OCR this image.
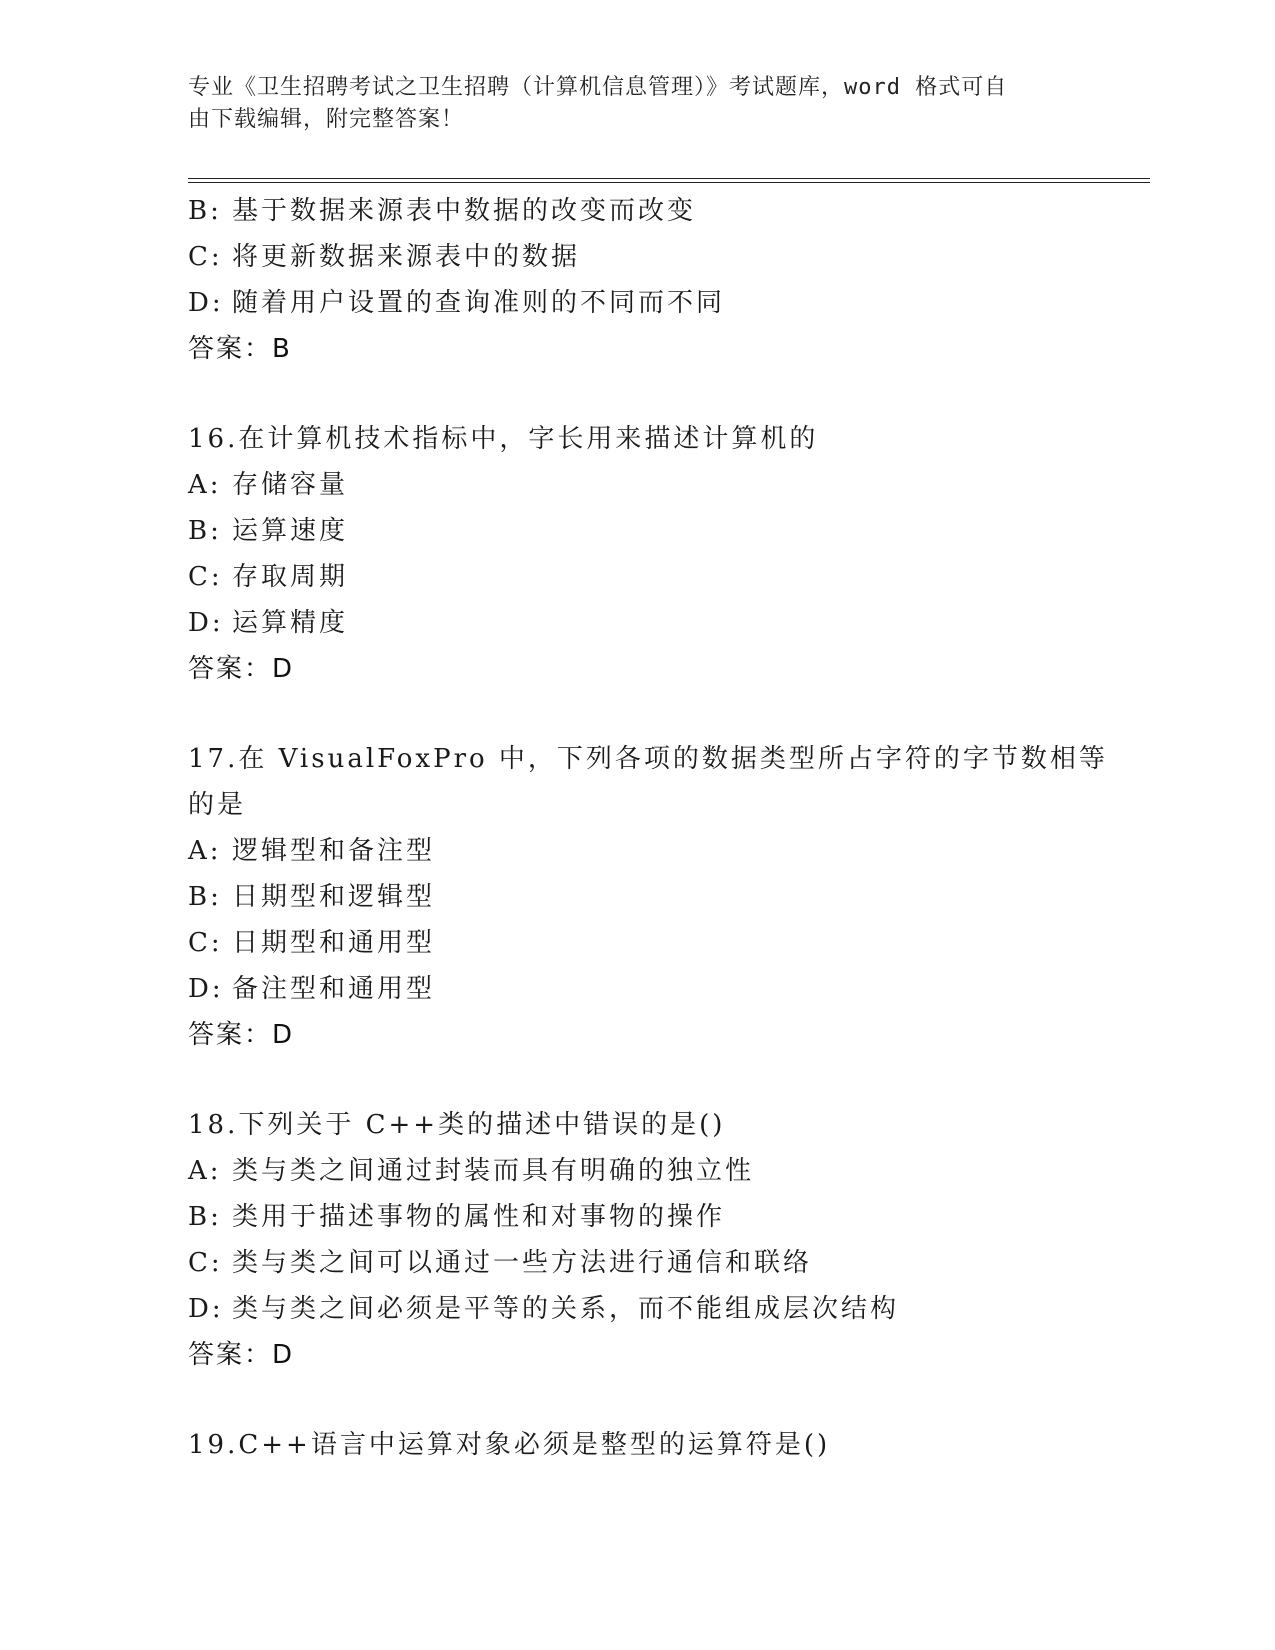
专业《卫生招聘考试之卫生招聘（计算机信息管理）》考试题库，word 格式可自
由下载编辑，附完整答案！
B: 基于数据来源表中数据的改变而改变
C: 将更新数据来源表中的数据
D: 随着用户设置的查询准则的不同而不同
答案：B
16.在计算机技术指标中，字长用来描述计算机的
A: 存储容量
B: 运算速度
C: 存取周期
D: 运算精度
答案：D
17.在 VisualFoxPro 中，下列各项的数据类型所占字符的字节数相等
的是
A: 逻辑型和备注型
B: 日期型和逻辑型
C: 日期型和通用型
D: 备注型和通用型
答案：D
18.下列关于 C++类的描述中错误的是()
A: 类与类之间通过封装而具有明确的独立性
B: 类用于描述事物的属性和对事物的操作
C: 类与类之间可以通过一些方法进行通信和联络
D: 类与类之间必须是平等的关系，而不能组成层次结构
答案：D
19.C++语言中运算对象必须是整型的运算符是()
